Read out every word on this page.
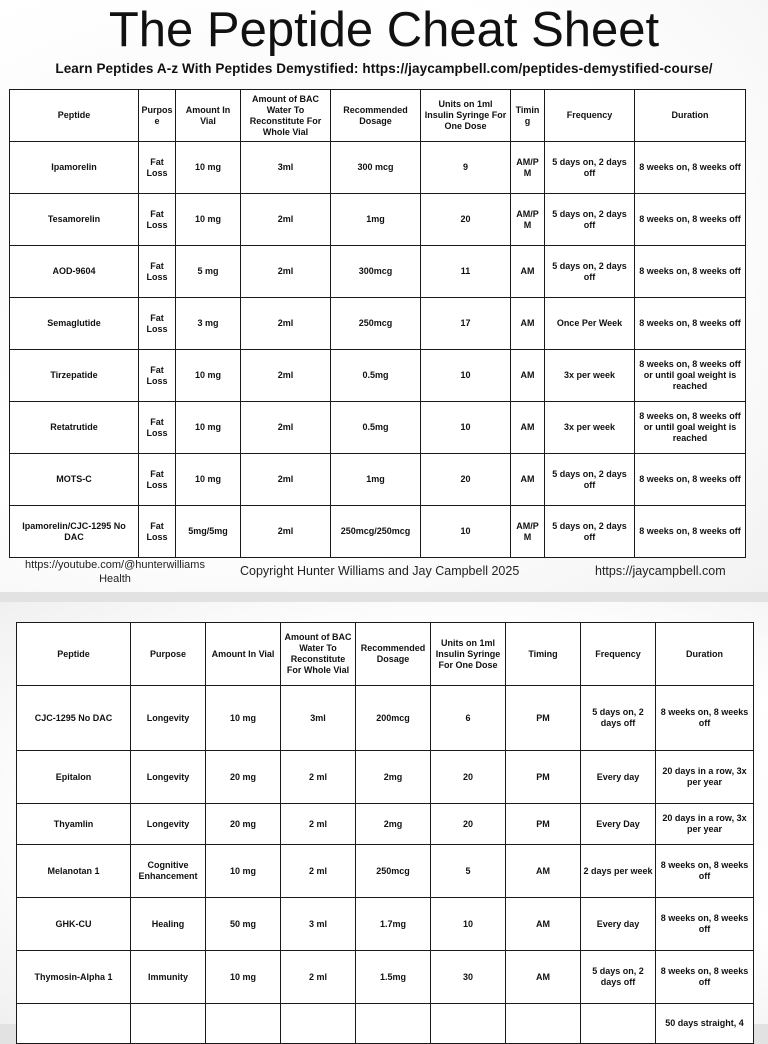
The Peptide Cheat Sheet
Learn Peptides A-z With Peptides Demystified: https://jaycampbell.com/peptides-demystified-course/
Peptide	Purpose	Amount In Vial	Amount of BAC Water To Reconstitute For Whole Vial	Recommended Dosage	Units on 1ml Insulin Syringe For One Dose	Timing	Frequency	Duration
Ipamorelin	Fat Loss	10 mg	3ml	300 mcg	9	AM/PM	5 days on, 2 days off	8 weeks on, 8 weeks off
Tesamorelin	Fat Loss	10 mg	2ml	1mg	20	AM/PM	5 days on, 2 days off	8 weeks on, 8 weeks off
AOD-9604	Fat Loss	5 mg	2ml	300mcg	11	AM	5 days on, 2 days off	8 weeks on, 8 weeks off
Semaglutide	Fat Loss	3 mg	2ml	250mcg	17	AM	Once Per Week	8 weeks on, 8 weeks off
Tirzepatide	Fat Loss	10 mg	2ml	0.5mg	10	AM	3x per week	8 weeks on, 8 weeks off or until goal weight is reached
Retatrutide	Fat Loss	10 mg	2ml	0.5mg	10	AM	3x per week	8 weeks on, 8 weeks off or until goal weight is reached
MOTS-C	Fat Loss	10 mg	2ml	1mg	20	AM	5 days on, 2 days off	8 weeks on, 8 weeks off
Ipamorelin/CJC-1295 No DAC	Fat Loss	5mg/5mg	2ml	250mcg/250mcg	10	AM/PM	5 days on, 2 days off	8 weeks on, 8 weeks off
https://youtube.com/@hunterwilliams Health
Copyright Hunter Williams and Jay Campbell 2025	https://jaycampbell.com
Peptide	Purpose	Amount In Vial	Amount of BAC Water To Reconstitute For Whole Vial	Recommended Dosage	Units on 1ml Insulin Syringe For One Dose	Timing	Frequency	Duration
CJC-1295 No DAC	Longevity	10 mg	3ml	200mcg	6	PM	5 days on, 2 days off	8 weeks on, 8 weeks off
Epitalon	Longevity	20 mg	2 ml	2mg	20	PM	Every day	20 days in a row, 3x per year
Thyamlin	Longevity	20 mg	2 ml	2mg	20	PM	Every Day	20 days in a row, 3x per year
Melanotan 1	Cognitive Enhancement	10 mg	2 ml	250mcg	5	AM	2 days per week	8 weeks on, 8 weeks off
GHK-CU	Healing	50 mg	3 ml	1.7mg	10	AM	Every day	8 weeks on, 8 weeks off
Thymosin-Alpha 1	Immunity	10 mg	2 ml	1.5mg	30	AM	5 days on, 2 days off	8 weeks on, 8 weeks off
								50 days straight, 4
